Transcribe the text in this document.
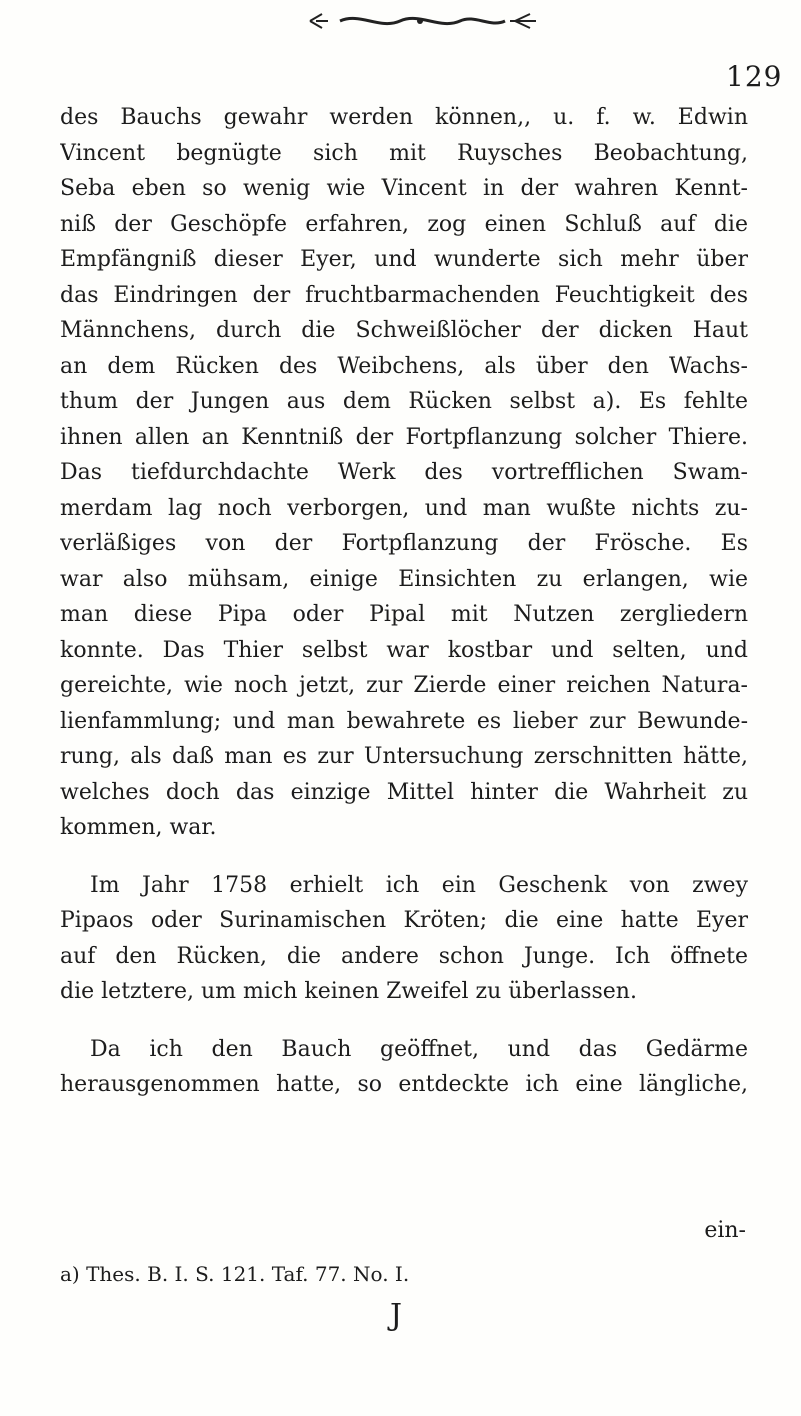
129
des Bauchs gewahr werden können,, u. f. w. Edwin
Vincent begnügte sich mit Ruysches Beobachtung,
Seba eben so wenig wie Vincent in der wahren Kennt-
niß der Geschöpfe erfahren, zog einen Schluß auf die
Empfängniß dieser Eyer, und wunderte sich mehr über
das Eindringen der fruchtbarmachenden Feuchtigkeit des
Männchens, durch die Schweißlöcher der dicken Haut
an dem Rücken des Weibchens, als über den Wachs-
thum der Jungen aus dem Rücken selbst a). Es fehlte
ihnen allen an Kenntniß der Fortpflanzung solcher Thiere.
Das tiefdurchdachte Werk des vortrefflichen Swam-
merdam lag noch verborgen, und man wußte nichts zu-
verläßiges von der Fortpflanzung der Frösche. Es
war also mühsam, einige Einsichten zu erlangen, wie
man diese Pipa oder Pipal mit Nutzen zergliedern
konnte. Das Thier selbst war kostbar und selten, und
gereichte, wie noch jetzt, zur Zierde einer reichen Natura-
lienfammlung; und man bewahrete es lieber zur Bewunde-
rung, als daß man es zur Untersuchung zerschnitten hätte,
welches doch das einzige Mittel hinter die Wahrheit zu
kommen, war.
Im Jahr 1758 erhielt ich ein Geschenk von zwey
Pipaos oder Surinamischen Kröten; die eine hatte Eyer
auf den Rücken, die andere schon Junge. Ich öffnete
die letztere, um mich keinen Zweifel zu überlassen.
Da ich den Bauch geöffnet, und das Gedärme
herausgenommen hatte, so entdeckte ich eine längliche,
ein-
a) Thes. B. I. S. 121. Taf. 77. No. I.
J
